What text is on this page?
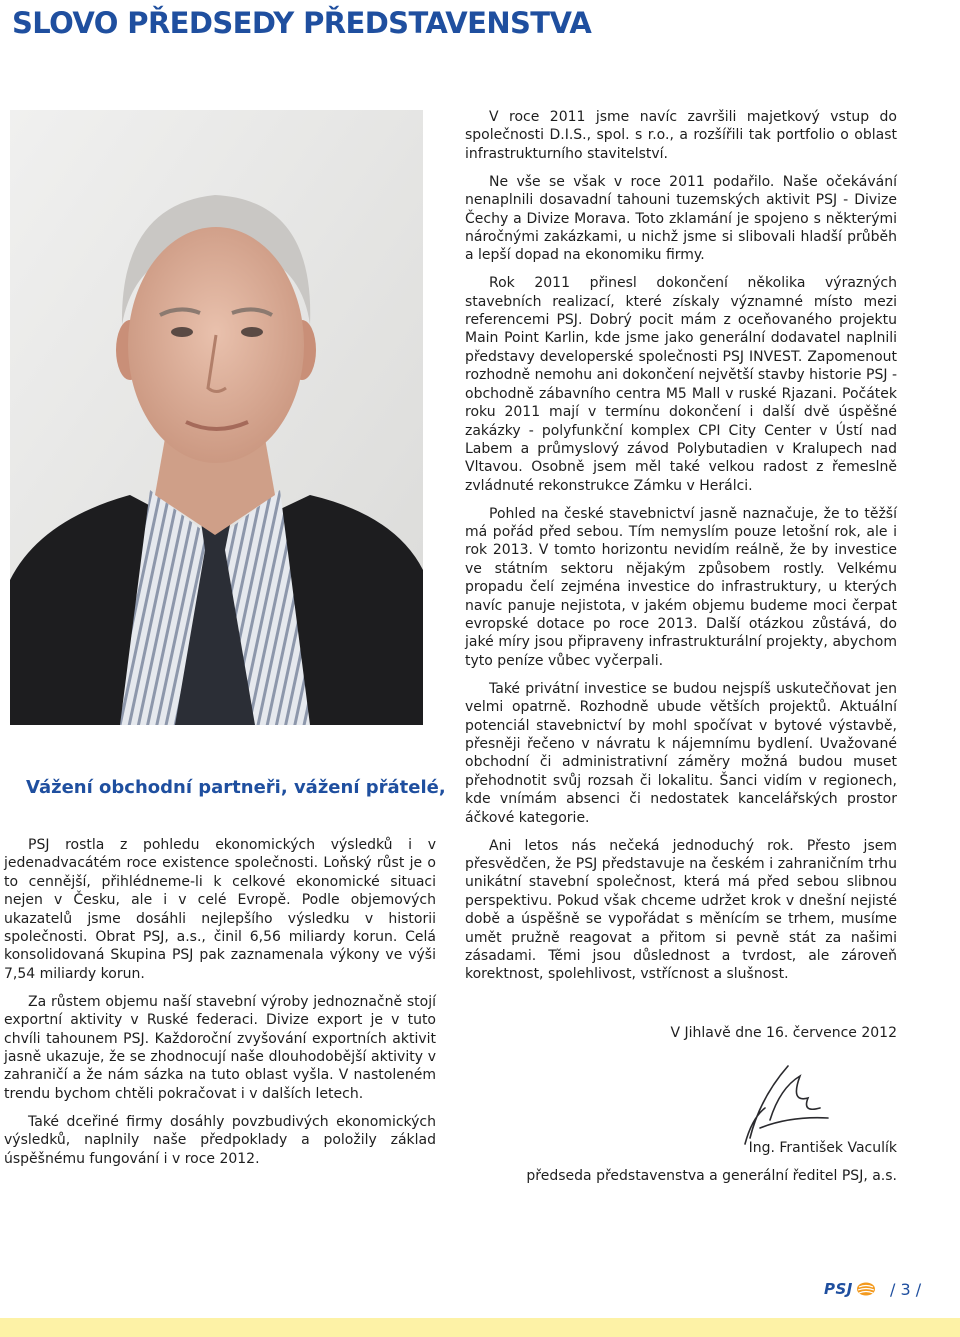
SLOVO PŘEDSEDY PŘEDSTAVENSTVA
Vážení obchodní partneři, vážení přátelé,

PSJ rostla z pohledu ekonomických výsledků i v jedenadvacátém roce existence společnosti. Loňský růst je o to cennější, přihlédneme-li k celkové ekonomické situaci nejen v Česku, ale i v celé Evropě. Podle objemových ukazatelů jsme dosáhli nejlepšího výsledku v historii společnosti. Obrat PSJ, a.s., činil 6,56 miliardy korun. Celá konsolidovaná Skupina PSJ pak zaznamenala výkony ve výši 7,54 miliardy korun.

Za růstem objemu naší stavební výroby jednoznačně stojí exportní aktivity v Ruské federaci. Divize export je v tuto chvíli tahounem PSJ. Každoroční zvyšování exportních aktivit jasně ukazuje, že se zhodnocují naše dlouhodobější aktivity v zahraničí a že nám sázka na tuto oblast vyšla. V nastoleném trendu bychom chtěli pokračovat i v dalších letech.

Také dceřiné firmy dosáhly povzbudivých ekonomických výsledků, naplnily naše předpoklady a položily základ úspěšnému fungování i v roce 2012.

V roce 2011 jsme navíc završili majetkový vstup do společnosti D.I.S., spol. s r.o., a rozšířili tak portfolio o oblast infrastrukturního stavitelství.

Ne vše se však v roce 2011 podařilo. Naše očekávání nenaplnili dosavadní tahouni tuzemských aktivit PSJ - Divize Čechy a Divize Morava. Toto zklamání je spojeno s některými náročnými zakázkami, u nichž jsme si slibovali hladší průběh a lepší dopad na ekonomiku firmy.

Rok 2011 přinesl dokončení několika výrazných stavebních realizací, které získaly významné místo mezi referencemi PSJ. Dobrý pocit mám z oceňovaného projektu Main Point Karlin, kde jsme jako generální dodavatel naplnili představy developerské společnosti PSJ INVEST. Zapomenout rozhodně nemohu ani dokončení největší stavby historie PSJ - obchodně zábavního centra M5 Mall v ruské Rjazani. Počátek roku 2011 mají v termínu dokončení i další dvě úspěšné zakázky - polyfunkční komplex CPI City Center v Ústí nad Labem a průmyslový závod Polybutadien v Kralupech nad Vltavou. Osobně jsem měl také velkou radost z řemeslně zvládnuté rekonstrukce Zámku v Herálci.

Pohled na české stavebnictví jasně naznačuje, že to těžší má pořád před sebou. Tím nemyslím pouze letošní rok, ale i rok 2013. V tomto horizontu nevidím reálně, že by investice ve státním sektoru nějakým způsobem rostly. Velkému propadu čelí zejména investice do infrastruktury, u kterých navíc panuje nejistota, v jakém objemu budeme moci čerpat evropské dotace po roce 2013. Další otázkou zůstává, do jaké míry jsou připraveny infrastrukturální projekty, abychom tyto peníze vůbec vyčerpali.

Také privátní investice se budou nejspíš uskutečňovat jen velmi opatrně. Rozhodně ubude větších projektů. Aktuální potenciál stavebnictví by mohl spočívat v bytové výstavbě, přesněji řečeno v návratu k nájemnímu bydlení. Uvažované obchodní či administrativní záměry možná budou muset přehodnotit svůj rozsah či lokalitu. Šanci vidím v regionech, kde vnímám absenci či nedostatek kancelářských prostor áčkové kategorie.

Ani letos nás nečeká jednoduchý rok. Přesto jsem přesvědčen, že PSJ představuje na českém i zahraničním trhu unikátní stavební společnost, která má před sebou slibnou perspektivu. Pokud však chceme udržet krok v dnešní nejisté době a úspěšně se vypořádat s měnícím se trhem, musíme umět pružně reagovat a přitom si pevně stát za našimi zásadami. Těmi jsou důslednost a tvrdost, ale zároveň korektnost, spolehlivost, vstřícnost a slušnost.

V Jihlavě dne 16. července 2012
Ing. František Vaculík
předseda představenstva a generální ředitel PSJ, a.s.
PSJ / 3 /
